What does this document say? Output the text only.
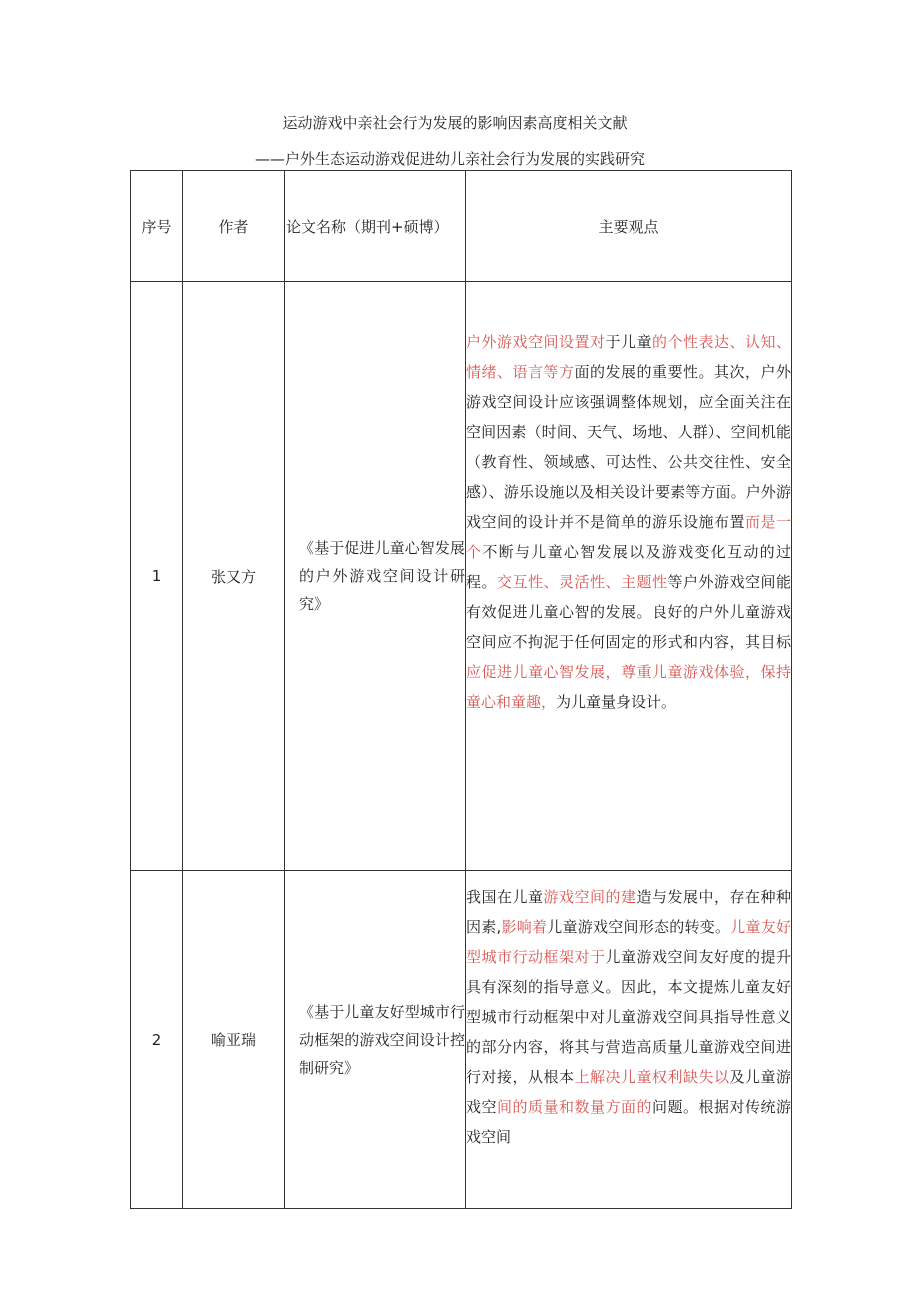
运动游戏中亲社会行为发展的影响因素高度相关文献
——户外生态运动游戏促进幼儿亲社会行为发展的实践研究
序号	作者	论文名称（期刊+硕博）	主要观点
1	张又方	《基于促进儿童心智发展的户外游戏空间设计研究》	户外游戏空间设置对于儿童的个性表达、认知、情绪、语言等方面的发展的重要性。其次，户外游戏空间设计应该强调整体规划，应全面关注在空间因素（时间、天气、场地、人群）、空间机能（教育性、领域感、可达性、公共交往性、安全感）、游乐设施以及相关设计要素等方面。户外游戏空间的设计并不是简单的游乐设施布置而是一个不断与儿童心智发展以及游戏变化互动的过程。交互性、灵活性、主题性等户外游戏空间能有效促进儿童心智的发展。良好的户外儿童游戏空间应不拘泥于任何固定的形式和内容，其目标应促进儿童心智发展，尊重儿童游戏体验，保持童心和童趣，为儿童量身设计。
2	喻亚瑞	《基于儿童友好型城市行动框架的游戏空间设计控制研究》	我国在儿童游戏空间的建造与发展中，存在种种因素,影响着儿童游戏空间形态的转变。儿童友好型城市行动框架对于儿童游戏空间友好度的提升具有深刻的指导意义。因此，本文提炼儿童友好型城市行动框架中对儿童游戏空间具指导性意义的部分内容，将其与营造高质量儿童游戏空间进行对接，从根本上解决儿童权利缺失以及儿童游戏空间的质量和数量方面的问题。根据对传统游戏空间
